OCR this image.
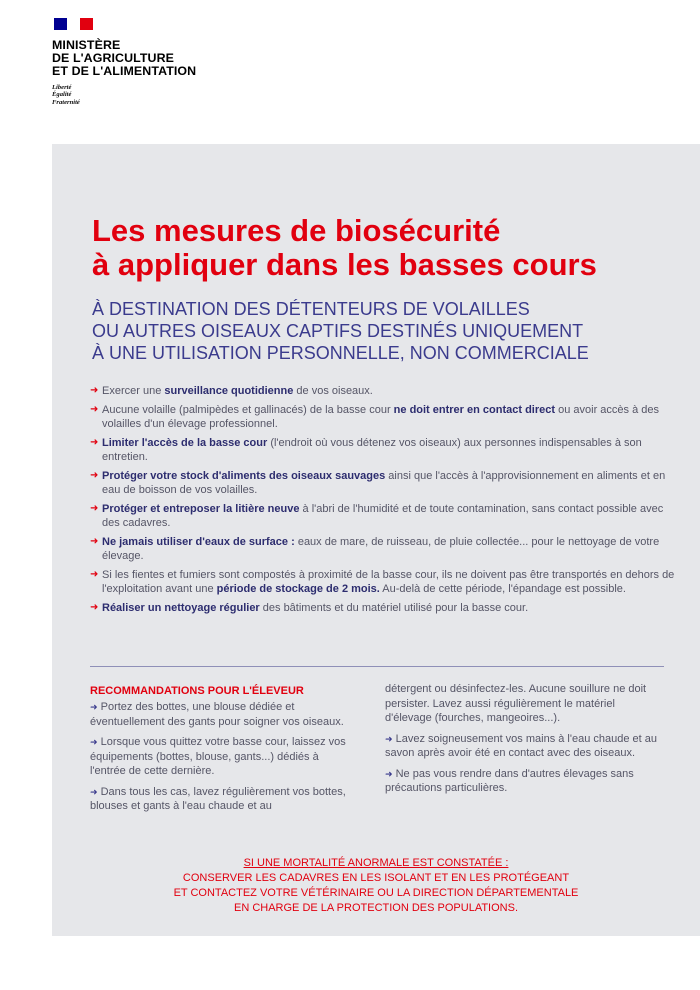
MINISTÈRE
DE L'AGRICULTURE
ET DE L'ALIMENTATION
Liberté
Égalité
Fraternité
Les mesures de biosécurité
à appliquer dans les basses cours
À DESTINATION DES DÉTENTEURS DE VOLAILLES
OU AUTRES OISEAUX CAPTIFS DESTINÉS UNIQUEMENT
À UNE UTILISATION PERSONNELLE, NON COMMERCIALE
➜ Exercer une surveillance quotidienne de vos oiseaux.
➜ Aucune volaille (palmipèdes et gallinacés) de la basse cour ne doit entrer en contact direct ou avoir accès à des volailles d'un élevage professionnel.
➜ Limiter l'accès de la basse cour (l'endroit où vous détenez vos oiseaux) aux personnes indispensables à son entretien.
➜ Protéger votre stock d'aliments des oiseaux sauvages ainsi que l'accès à l'approvisionnement en aliments et en eau de boisson de vos volailles.
➜ Protéger et entreposer la litière neuve à l'abri de l'humidité et de toute contamination, sans contact possible avec des cadavres.
➜ Ne jamais utiliser d'eaux de surface : eaux de mare, de ruisseau, de pluie collectée... pour le nettoyage de votre élevage.
➜ Si les fientes et fumiers sont compostés à proximité de la basse cour, ils ne doivent pas être transportés en dehors de l'exploitation avant une période de stockage de 2 mois. Au-delà de cette période, l'épandage est possible.
➜ Réaliser un nettoyage régulier des bâtiments et du matériel utilisé pour la basse cour.
RECOMMANDATIONS POUR L'ÉLEVEUR

➜ Portez des bottes, une blouse dédiée et éventuellement des gants pour soigner vos oiseaux.

➜ Lorsque vous quittez votre basse cour, laissez vos équipements (bottes, blouse, gants...) dédiés à l'entrée de cette dernière.

➜ Dans tous les cas, lavez régulièrement vos bottes, blouses et gants à l'eau chaude et au

détergent ou désinfectez-les. Aucune souillure ne doit persister. Lavez aussi régulièrement le matériel d'élevage (fourches, mangeoires...).

➜ Lavez soigneusement vos mains à l'eau chaude et au savon après avoir été en contact avec des oiseaux.

➜ Ne pas vous rendre dans d'autres élevages sans précautions particulières.

SI UNE MORTALITÉ ANORMALE EST CONSTATÉE :
CONSERVER LES CADAVRES EN LES ISOLANT ET EN LES PROTÉGEANT
ET CONTACTEZ VOTRE VÉTÉRINAIRE OU LA DIRECTION DÉPARTEMENTALE
EN CHARGE DE LA PROTECTION DES POPULATIONS.
